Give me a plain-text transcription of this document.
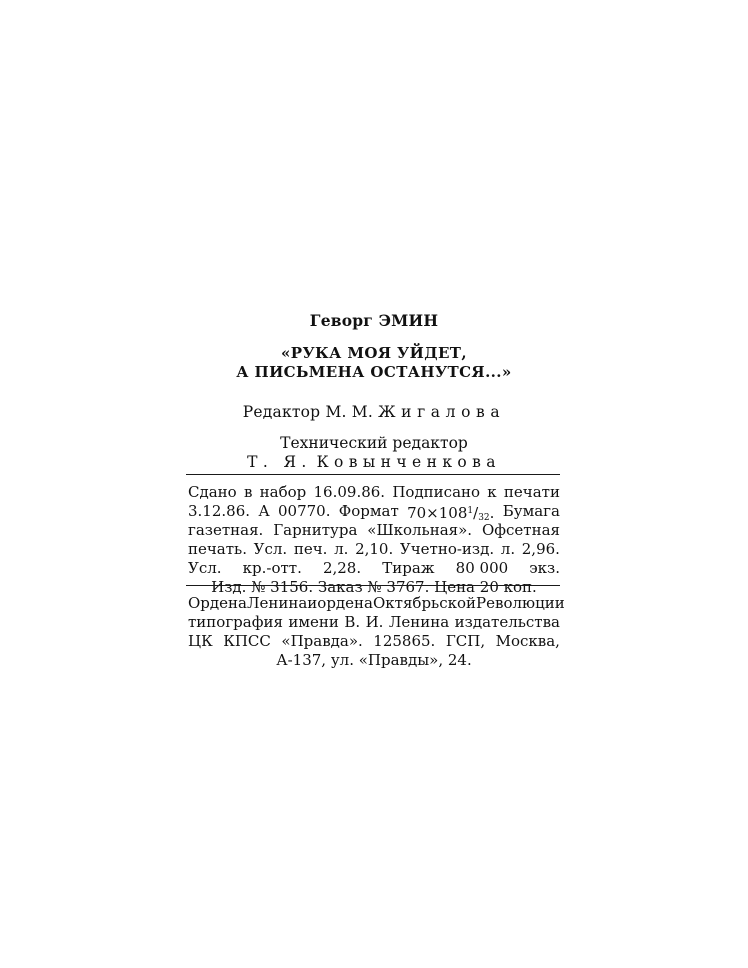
Геворг ЭМИН
«РУКА МОЯ УЙДЕТ,
А ПИСЬМЕНА ОСТАНУТСЯ...»
Редактор М. М. Жигалова
Технический редактор
Т. Я. Ковынченкова
Сдано в набор 16.09.86. Подписано к печати
3.12.86. А 00770. Формат $70\times 108^1/_{32}$. Бумага
газетная. Гарнитура «Школьная». Офсетная
печать. Усл. печ. л. 2,10. Учетно-изд. л. 2,96.
Усл. кр.-отт. 2,28. Тираж 80 000 экз.
Изд. № 3156. Заказ № 3767. Цена 20 коп.
Ордена Ленина и ордена Октябрьской Революции
типография имени В. И. Ленина издательства
ЦК КПСС «Правда». 125865. ГСП, Москва,
А-137, ул. «Правды», 24.
